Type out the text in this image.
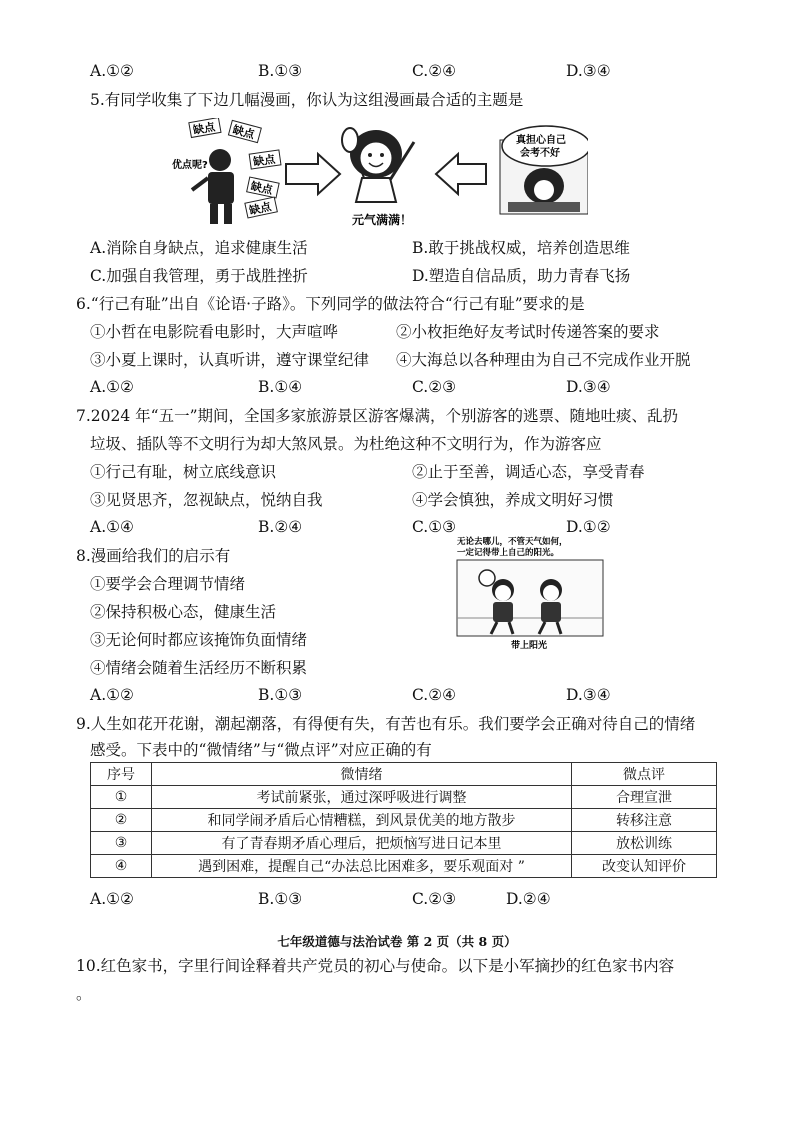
A.①②	B.①③	C.②④	D.③④
5.有同学收集了下边几幅漫画，你认为这组漫画最合适的主题是
缺点 缺点
缺点
缺点
缺点
优点呢?
元气满满！
真担心自己
会考不好
A.消除自身缺点，追求健康生活	B.敢于挑战权威，培养创造思维
C.加强自我管理，勇于战胜挫折	D.塑造自信品质，助力青春飞扬
6.“行己有耻”出自《论语·子路》。下列同学的做法符合“行己有耻”要求的是
①小哲在电影院看电影时，大声喧哗	②小枚拒绝好友考试时传递答案的要求
③小夏上课时，认真听讲，遵守课堂纪律 ④大海总以各种理由为自己不完成作业开脱
A.①②	B.①④	C.②③	D.③④
7.2024 年“五一”期间，全国多家旅游景区游客爆满，个别游客的逃票、随地吐痰、乱扔
垃圾、插队等不文明行为却大煞风景。为杜绝这种不文明行为，作为游客应
①行己有耻，树立底线意识	②止于至善，调适心态，享受青春
③见贤思齐，忽视缺点，悦纳自我	④学会慎独，养成文明好习惯
A.①④	B.②④	C.①③	D.①②
8.漫画给我们的启示有
①要学会合理调节情绪
②保持积极心态，健康生活
③无论何时都应该掩饰负面情绪
④情绪会随着生活经历不断积累
无论去哪儿，不管天气如何，
一定记得带上自己的阳光。
带上阳光
A.①②	B.①③	C.②④	D.③④
9.人生如花开花谢，潮起潮落，有得便有失，有苦也有乐。我们要学会正确对待自己的情绪
感受。下表中的“微情绪”与“微点评”对应正确的有
序号	微情绪	微点评
①	考试前紧张，通过深呼吸进行调整	合理宣泄
②	和同学闹矛盾后心情糟糕，到风景优美的地方散步	转移注意
③	有了青春期矛盾心理后，把烦恼写进日记本里	放松训练
④	遇到困难，提醒自己“办法总比困难多，要乐观面对 ”	改变认知评价
A.①②	B.①③	C.②③	D.②④
七年级道德与法治试卷 第 2 页（共 8 页）
10.红色家书，字里行间诠释着共产党员的初心与使命。以下是小军摘抄的红色家书内容
。
